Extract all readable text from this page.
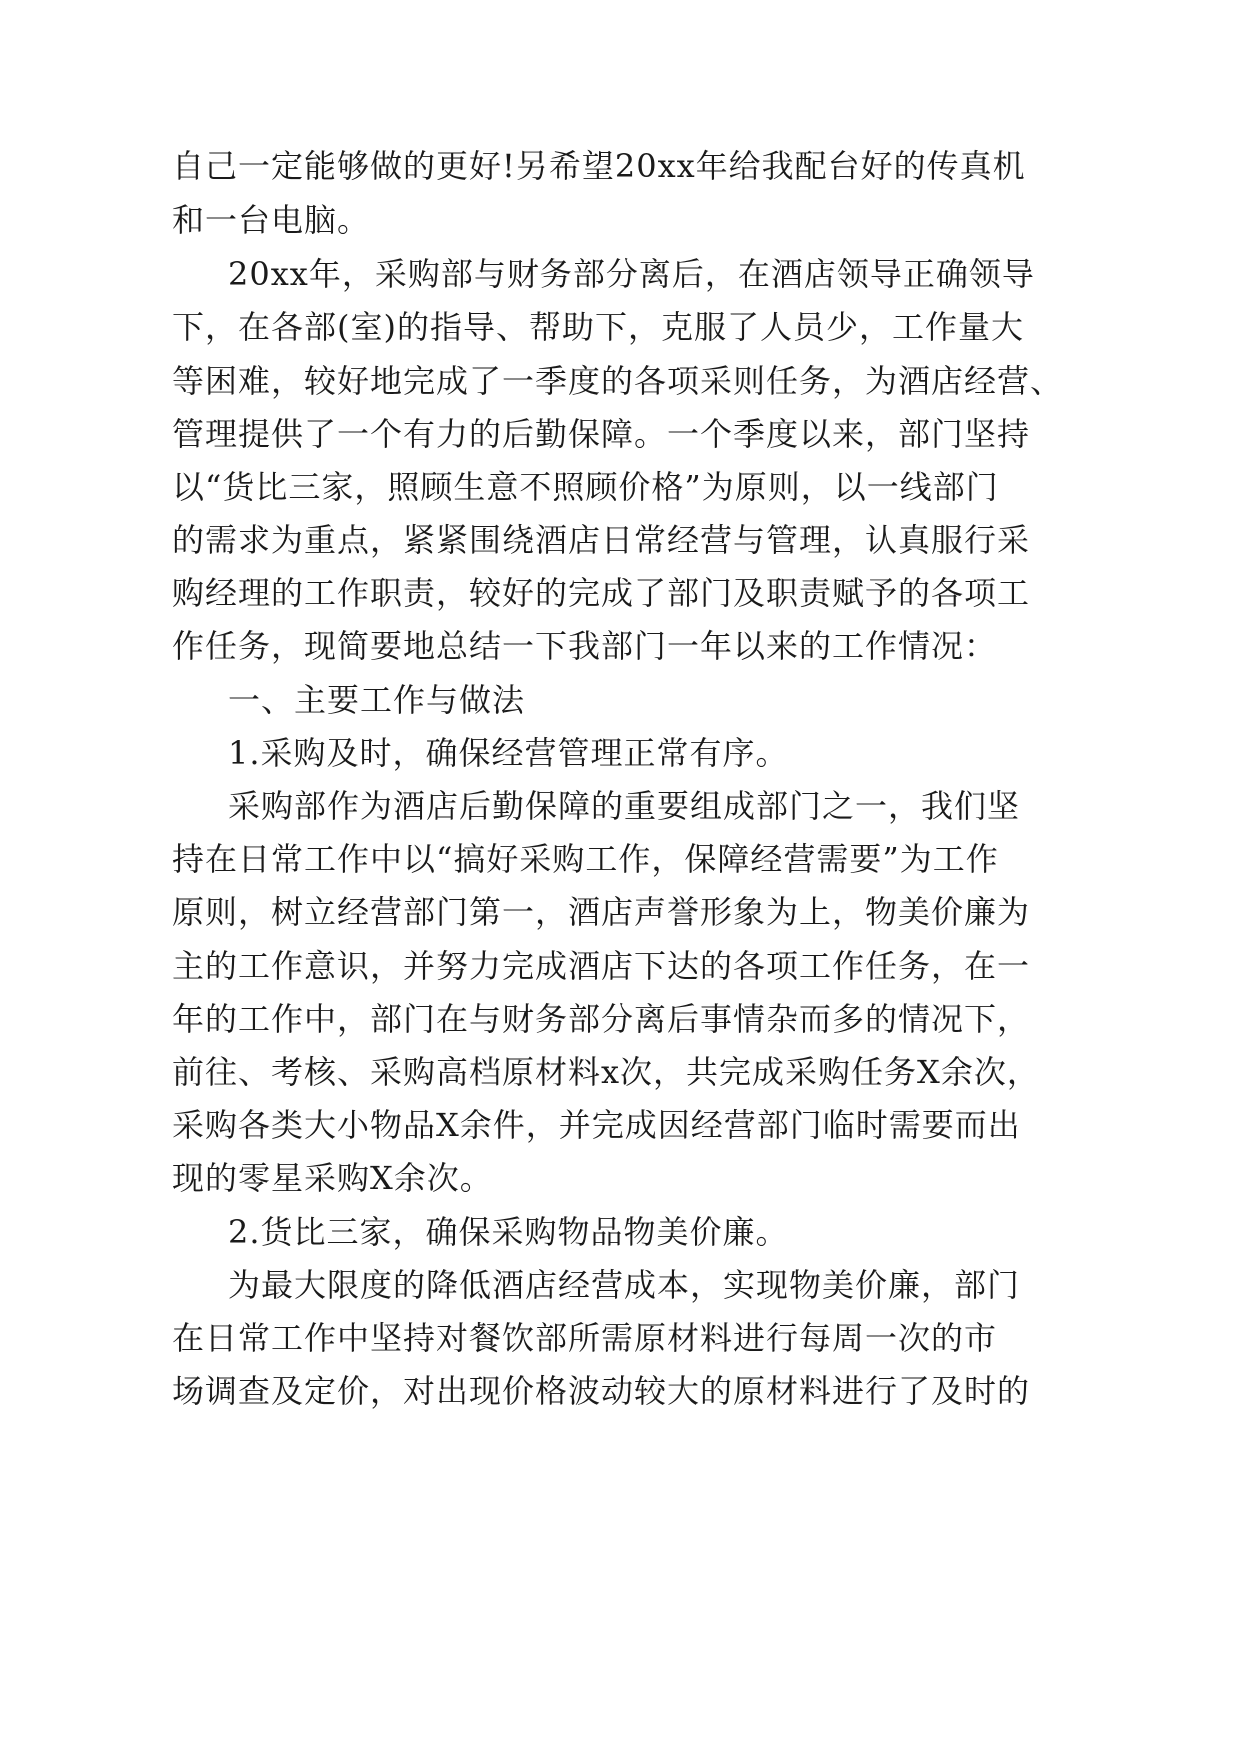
自己一定能够做的更好!另希望20xx年给我配台好的传真机
和一台电脑。
20xx年，采购部与财务部分离后，在酒店领导正确领导
下，在各部(室)的指导、帮助下，克服了人员少，工作量大
等困难，较好地完成了一季度的各项采则任务，为酒店经营、
管理提供了一个有力的后勤保障。一个季度以来，部门坚持
以“货比三家，照顾生意不照顾价格”为原则，以一线部门
的需求为重点，紧紧围绕酒店日常经营与管理，认真服行采
购经理的工作职责，较好的完成了部门及职责赋予的各项工
作任务，现简要地总结一下我部门一年以来的工作情况：
一、主要工作与做法
1.采购及时，确保经营管理正常有序。
采购部作为酒店后勤保障的重要组成部门之一，我们坚
持在日常工作中以“搞好采购工作，保障经营需要”为工作
原则，树立经营部门第一，酒店声誉形象为上，物美价廉为
主的工作意识，并努力完成酒店下达的各项工作任务，在一
年的工作中，部门在与财务部分离后事情杂而多的情况下，
前往、考核、采购高档原材料x次，共完成采购任务X余次，
采购各类大小物品X余件，并完成因经营部门临时需要而出
现的零星采购X余次。
2.货比三家，确保采购物品物美价廉。
为最大限度的降低酒店经营成本，实现物美价廉，部门
在日常工作中坚持对餐饮部所需原材料进行每周一次的市
场调查及定价，对出现价格波动较大的原材料进行了及时的
